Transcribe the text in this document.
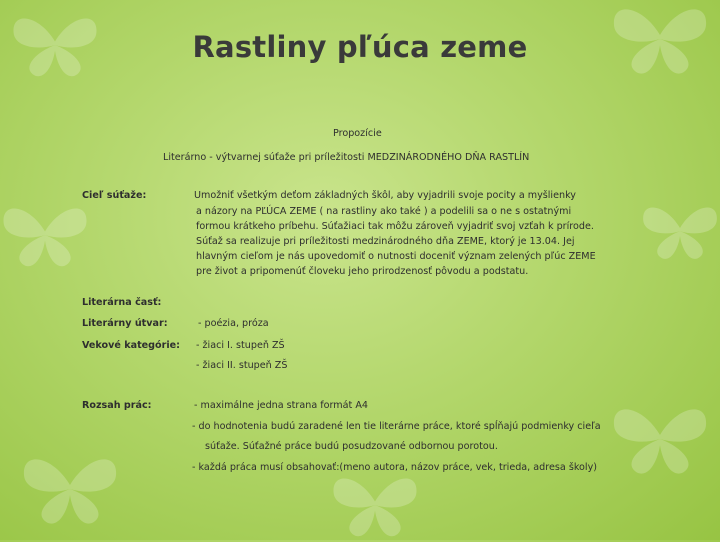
Rastliny pľúca zeme
Propozície
Literárno - výtvarnej súťaže pri príležitosti MEDZINÁRODNÉHO DŇA RASTLÍN
Cieľ súťaže:	Umožniť všetkým deťom základných škôl, aby vyjadrili svoje pocity a myšlienky
a názory na PĽÚCA ZEME ( na rastliny ako také ) a podelili sa o ne s ostatnými
formou krátkeho príbehu. Súťažiaci tak môžu zároveň vyjadriť svoj vzťah k prírode.
Súťaž sa realizuje pri príležitosti medzinárodného dňa ZEME, ktorý je 13.04. Jej
hlavným cieľom je nás upovedomiť o nutnosti doceniť význam zelených pľúc ZEME
pre život a pripomenúť človeku jeho prirodzenosť pôvodu a podstatu.
Literárna časť:
Literárny útvar:	- poézia, próza
Vekové kategórie: - žiaci I. stupeň ZŠ
- žiaci II. stupeň ZŠ
Rozsah prác:	- maximálne jedna strana formát A4
- do hodnotenia budú zaradené len tie literárne práce, ktoré spĺňajú podmienky cieľa
súťaže. Súťažné práce budú posudzované odbornou porotou.
- každá práca musí obsahovať:(meno autora, názov práce, vek, trieda, adresa školy)
